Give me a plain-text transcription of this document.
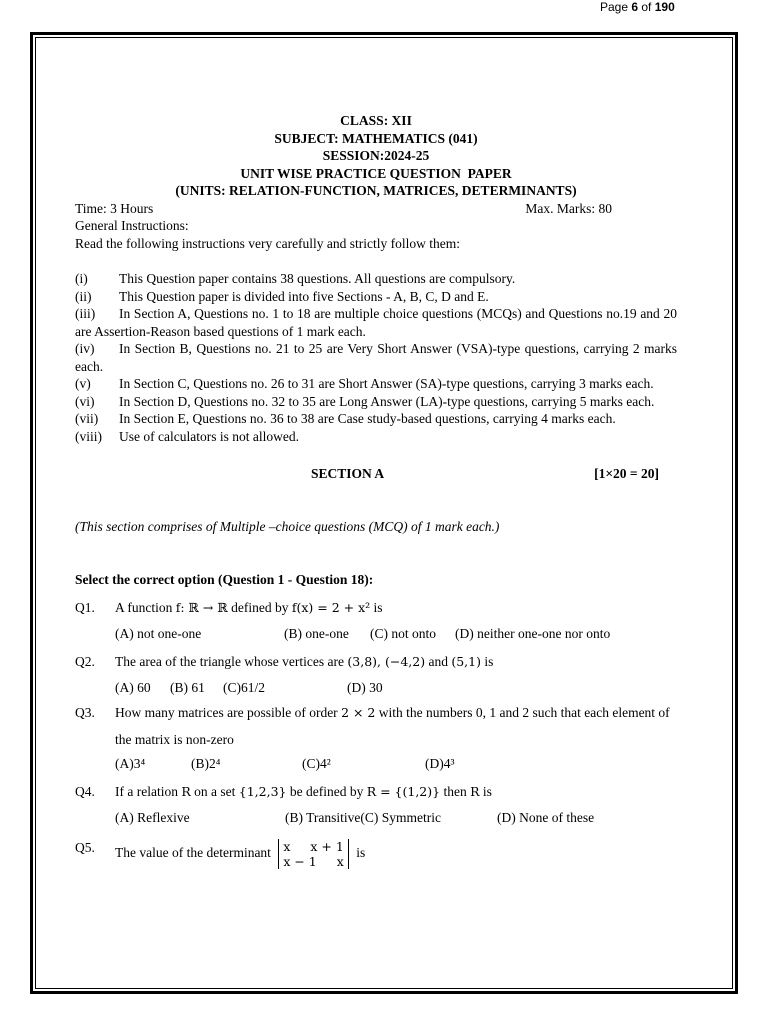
Page 6 of 190
CLASS: XII
SUBJECT: MATHEMATICS (041)
SESSION:2024-25
UNIT WISE PRACTICE QUESTION  PAPER
(UNITS: RELATION-FUNCTION, MATRICES, DETERMINANTS)
Time: 3 Hours	Max. Marks: 80
General Instructions:
Read the following instructions very carefully and strictly follow them:

(i) This Question paper contains 38 questions. All questions are compulsory.

(ii) This Question paper is divided into five Sections - A, B, C, D and E.

(iii) In Section A, Questions no. 1 to 18 are multiple choice questions (MCQs) and Questions no.19 and 20 are Assertion-Reason based questions of 1 mark each.

(iv) In Section B, Questions no. 21 to 25 are Very Short Answer (VSA)-type questions, carrying 2 marks each.

(v) In Section C, Questions no. 26 to 31 are Short Answer (SA)-type questions, carrying 3 marks each.

(vi) In Section D, Questions no. 32 to 35 are Long Answer (LA)-type questions, carrying 5 marks each.

(vii) In Section E, Questions no. 36 to 38 are Case study-based questions, carrying 4 marks each.

(viii) Use of calculators is not allowed.

SECTION A	[1×20 = 20]
(This section comprises of Multiple –choice questions (MCQ) of 1 mark each.)
Select the correct option (Question 1 - Question 18):
Q1.	A function f: ℝ → ℝ defined by f(x) = 2 + x² is
(A) not one-one	(B) one-one (C) not onto (D) neither one-one nor onto
Q2.	The area of the triangle whose vertices are (3,8), (−4,2) and (5,1) is
(A) 60 (B) 61 (C)61/2	(D) 30
Q3.	How many matrices are possible of order 2 × 2 with the numbers 0, 1 and 2 such that each element of the matrix is non-zero
(A)3⁴	(B)2⁴	(C)4²	(D)4³
Q4.	If a relation R on a set {1,2,3} be defined by R = {(1,2)} then R is
(A) Reflexive	(B) Transitive(C) Symmetric	(D) None of these
Q5.	The value of the determinant x x + 1
x − 1 x
is
